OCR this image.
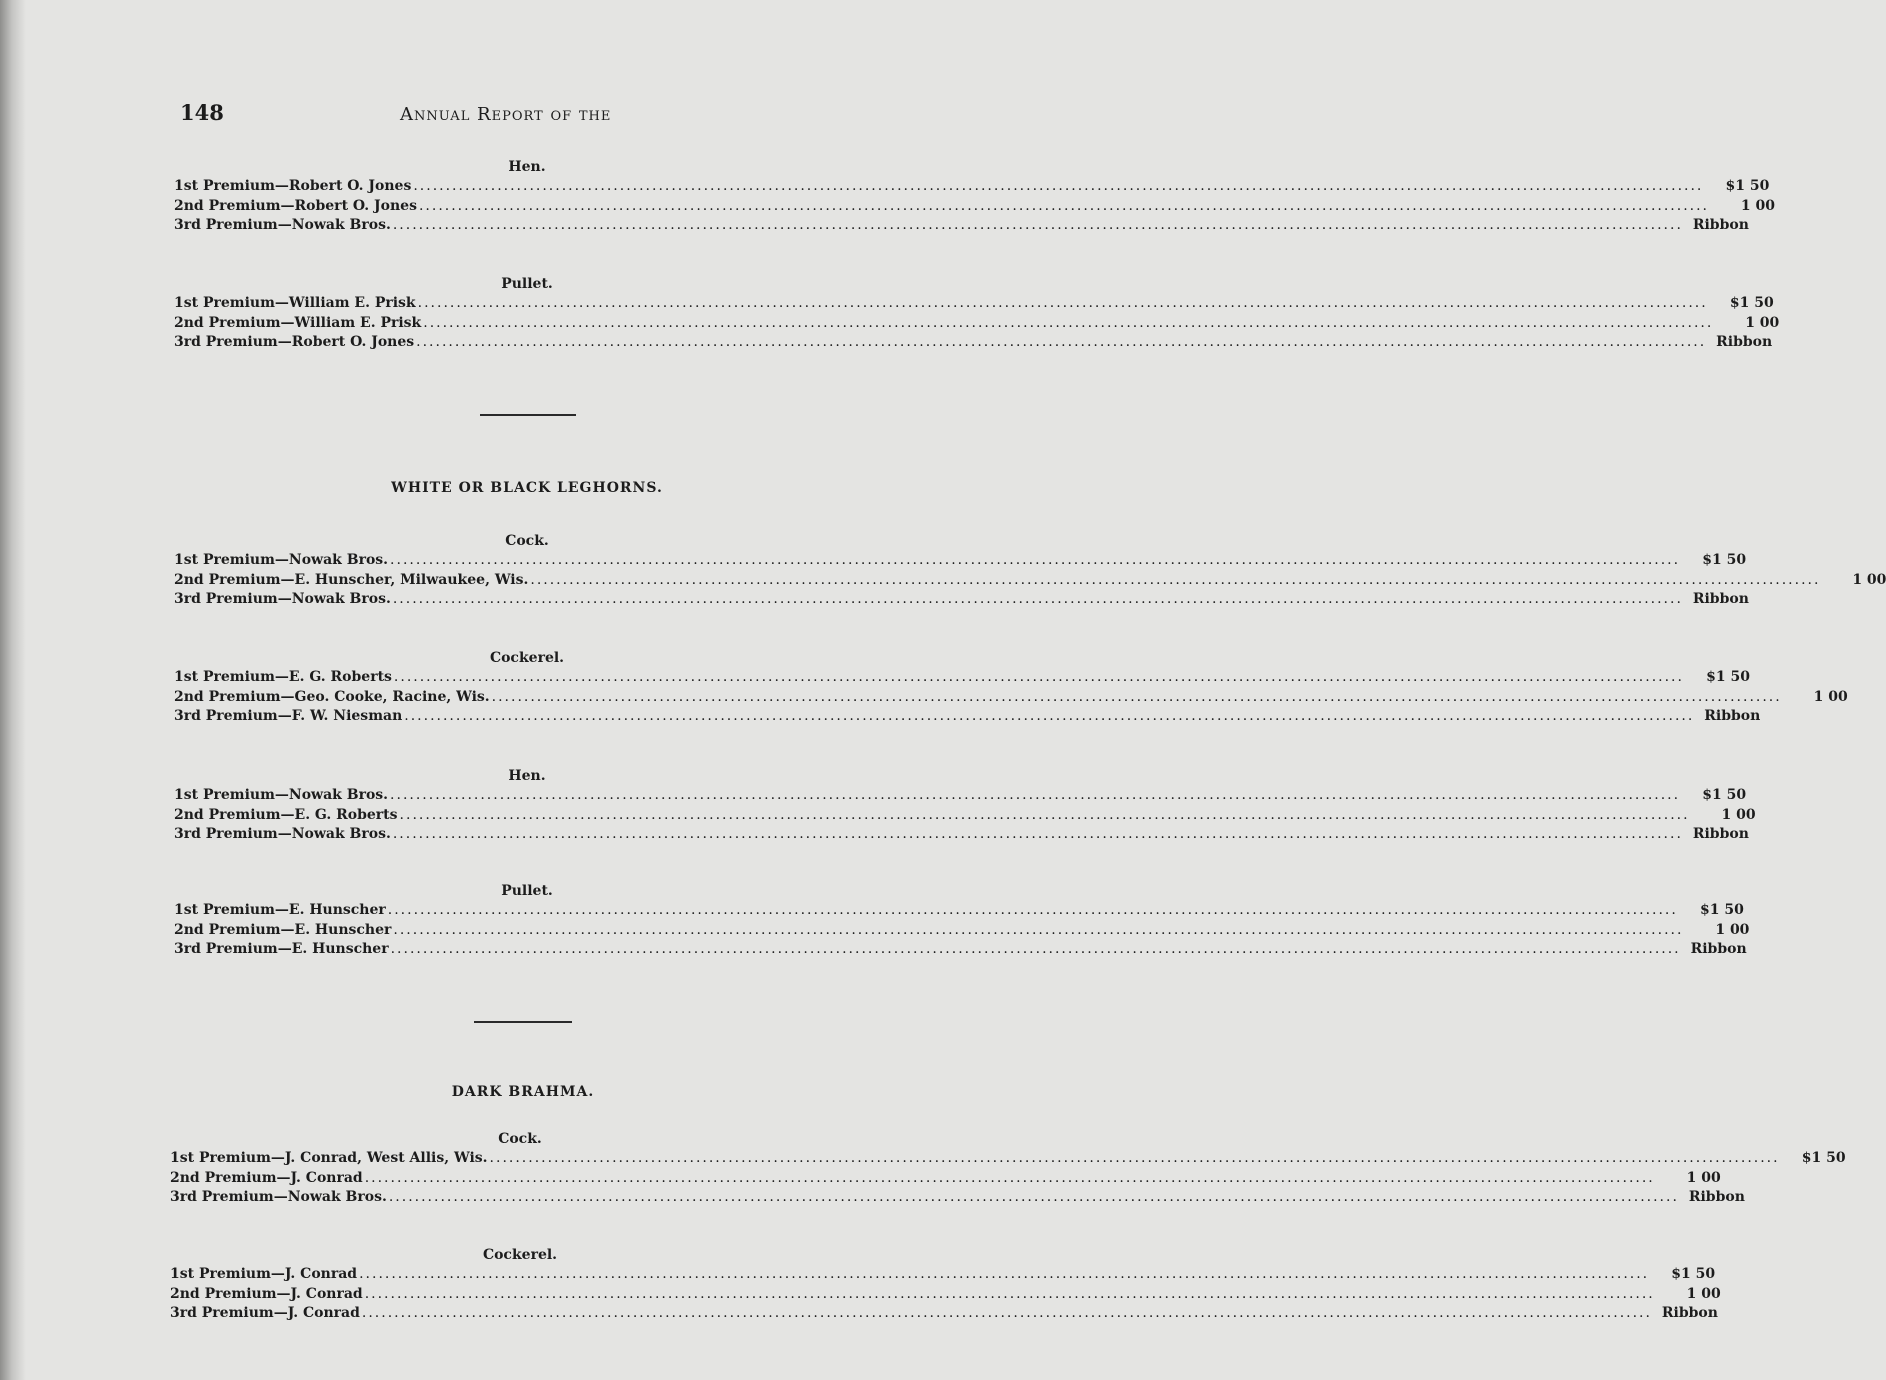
148	Annual Report of the
Hen.
1st Premium—Robert O. Jones ........................................................................................................................................................................................................	$1 50
2nd Premium—Robert O. Jones ........................................................................................................................................................................................................	1 00
3rd Premium—Nowak Bros. ........................................................................................................................................................................................................ Ribbon
Pullet.
1st Premium—William E. Prisk ........................................................................................................................................................................................................	$1 50
2nd Premium—William E. Prisk ........................................................................................................................................................................................................	1 00
3rd Premium—Robert O. Jones ........................................................................................................................................................................................................ Ribbon
WHITE OR BLACK LEGHORNS.
Cock.
1st Premium—Nowak Bros. ........................................................................................................................................................................................................	$1 50
2nd Premium—E. Hunscher, Milwaukee, Wis. ........................................................................................................................................................................................................	1 00
3rd Premium—Nowak Bros. ........................................................................................................................................................................................................ Ribbon
Cockerel.
1st Premium—E. G. Roberts ........................................................................................................................................................................................................	$1 50
2nd Premium—Geo. Cooke, Racine, Wis. ........................................................................................................................................................................................................	1 00
3rd Premium—F. W. Niesman ........................................................................................................................................................................................................ Ribbon
Hen.
1st Premium—Nowak Bros. ........................................................................................................................................................................................................	$1 50
2nd Premium—E. G. Roberts ........................................................................................................................................................................................................	1 00
3rd Premium—Nowak Bros. ........................................................................................................................................................................................................ Ribbon
Pullet.
1st Premium—E. Hunscher ........................................................................................................................................................................................................	$1 50
2nd Premium—E. Hunscher ........................................................................................................................................................................................................	1 00
3rd Premium—E. Hunscher ........................................................................................................................................................................................................ Ribbon
DARK BRAHMA.
Cock.
1st Premium—J. Conrad, West Allis, Wis. ........................................................................................................................................................................................................	$1 50
2nd Premium—J. Conrad ........................................................................................................................................................................................................	1 00
3rd Premium—Nowak Bros. ........................................................................................................................................................................................................ Ribbon
Cockerel.
1st Premium—J. Conrad ........................................................................................................................................................................................................	$1 50
2nd Premium—J. Conrad ........................................................................................................................................................................................................	1 00
3rd Premium—J. Conrad ........................................................................................................................................................................................................ Ribbon
